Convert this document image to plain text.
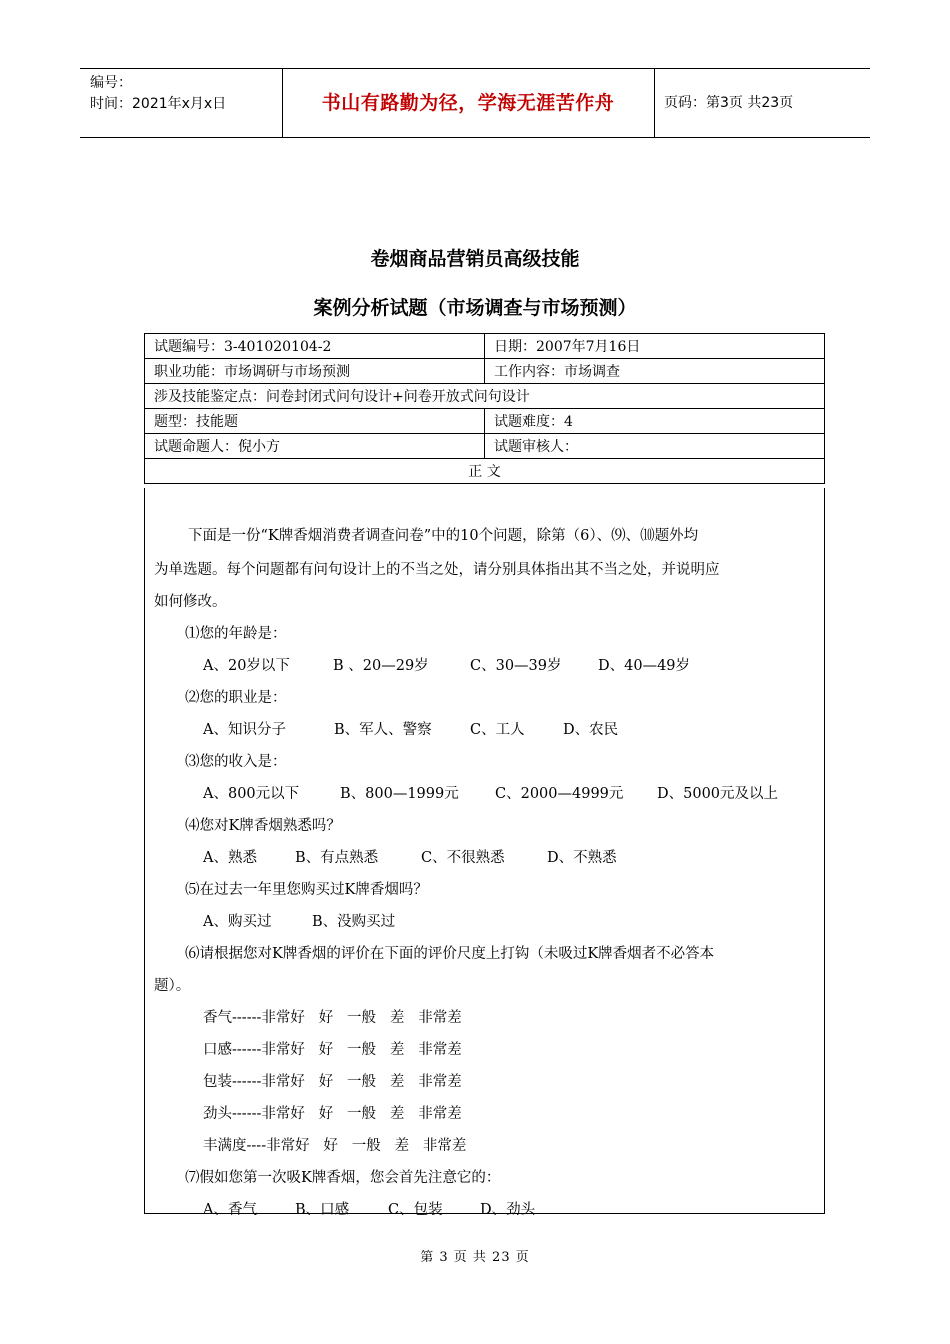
编号：
时间：2021年x月x日	书山有路勤为径，学海无涯苦作舟	页码：第3页 共23页
卷烟商品营销员高级技能
案例分析试题（市场调查与市场预测）
试题编号：3-401020104-2	日期：2007年7月16日
职业功能：市场调研与市场预测	工作内容：市场调查
涉及技能鉴定点：问卷封闭式问句设计+问卷开放式问句设计	
题型：技能题	试题难度：4
试题命题人：倪小方	试题审核人：
正 文	
下面是一份“K牌香烟消费者调查问卷”中的10个问题，除第（6）、⑼、⑽题外均
为单选题。每个问题都有问句设计上的不当之处，请分别具体指出其不当之处，并说明应
如何修改。
⑴您的年龄是：
A、20岁以下	B 、20—29岁	C、30—39岁	D、40—49岁
⑵您的职业是：
A、知识分子	B、军人、警察	C、工人	D、农民
⑶您的收入是：
A、800元以下	B、800—1999元	C、2000—4999元 D、5000元及以上
⑷您对K牌香烟熟悉吗？
A、熟悉	B、有点熟悉	C、不很熟悉	D、不熟悉
⑸在过去一年里您购买过K牌香烟吗？
A、购买过	B、没购买过
⑹请根据您对K牌香烟的评价在下面的评价尺度上打钩（未吸过K牌香烟者不必答本
题）。
香气------非常好   好   一般   差   非常差
口感------非常好   好   一般   差   非常差
包装------非常好   好   一般   差   非常差
劲头------非常好   好   一般   差   非常差
丰满度----非常好   好   一般   差   非常差
⑺假如您第一次吸K牌香烟，您会首先注意它的：
A、香气	B、口感	C、包装	D、劲头
第 3 页 共 23 页
